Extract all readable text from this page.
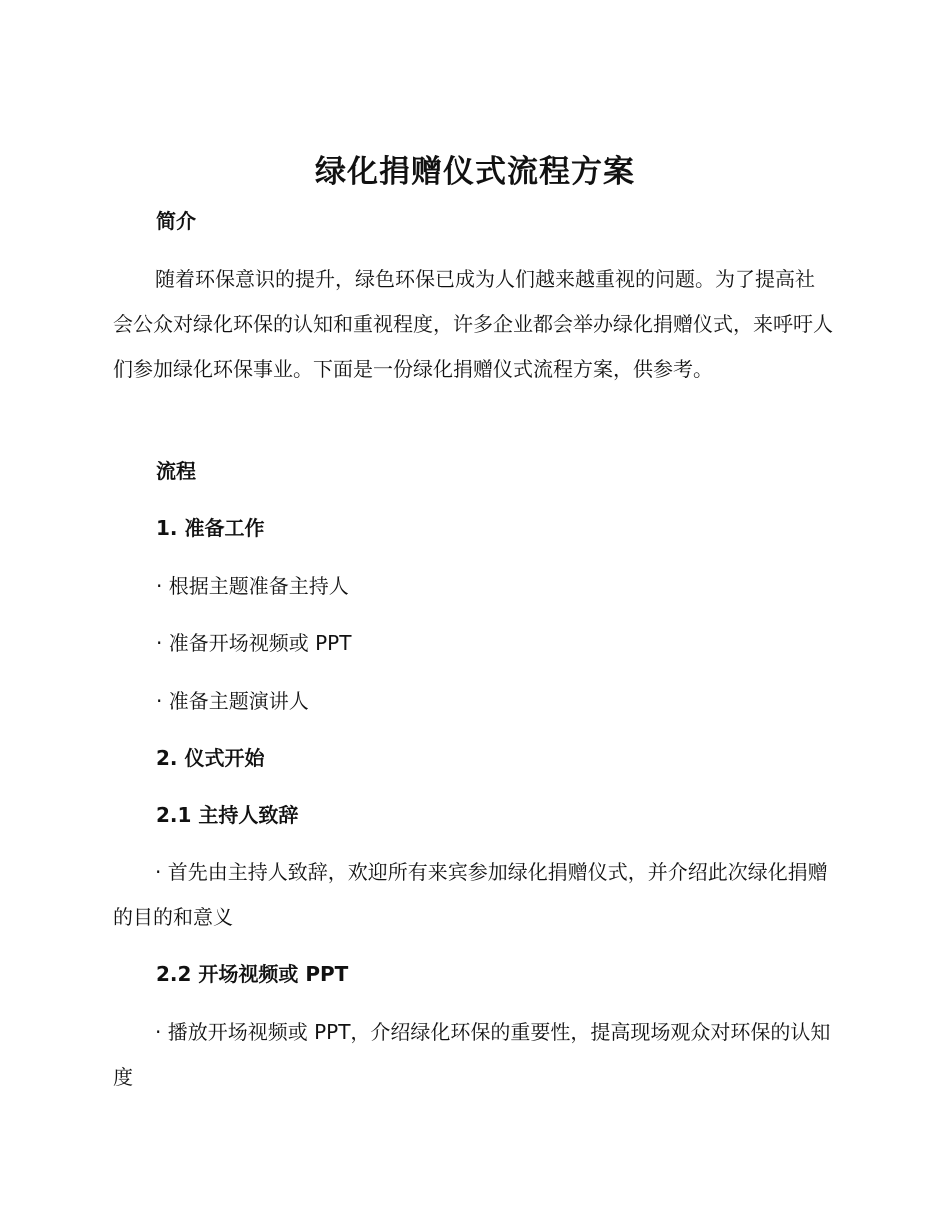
绿化捐赠仪式流程方案
简介
随着环保意识的提升，绿色环保已成为人们越来越重视的问题。为了提高社会公众对绿化环保的认知和重视程度，许多企业都会举办绿化捐赠仪式，来呼吁人们参加绿化环保事业。下面是一份绿化捐赠仪式流程方案，供参考。
流程
1. 准备工作
· 根据主题准备主持人
· 准备开场视频或 PPT
· 准备主题演讲人
2. 仪式开始
2.1 主持人致辞
· 首先由主持人致辞，欢迎所有来宾参加绿化捐赠仪式，并介绍此次绿化捐赠的目的和意义
2.2 开场视频或 PPT
· 播放开场视频或 PPT，介绍绿化环保的重要性，提高现场观众对环保的认知度
